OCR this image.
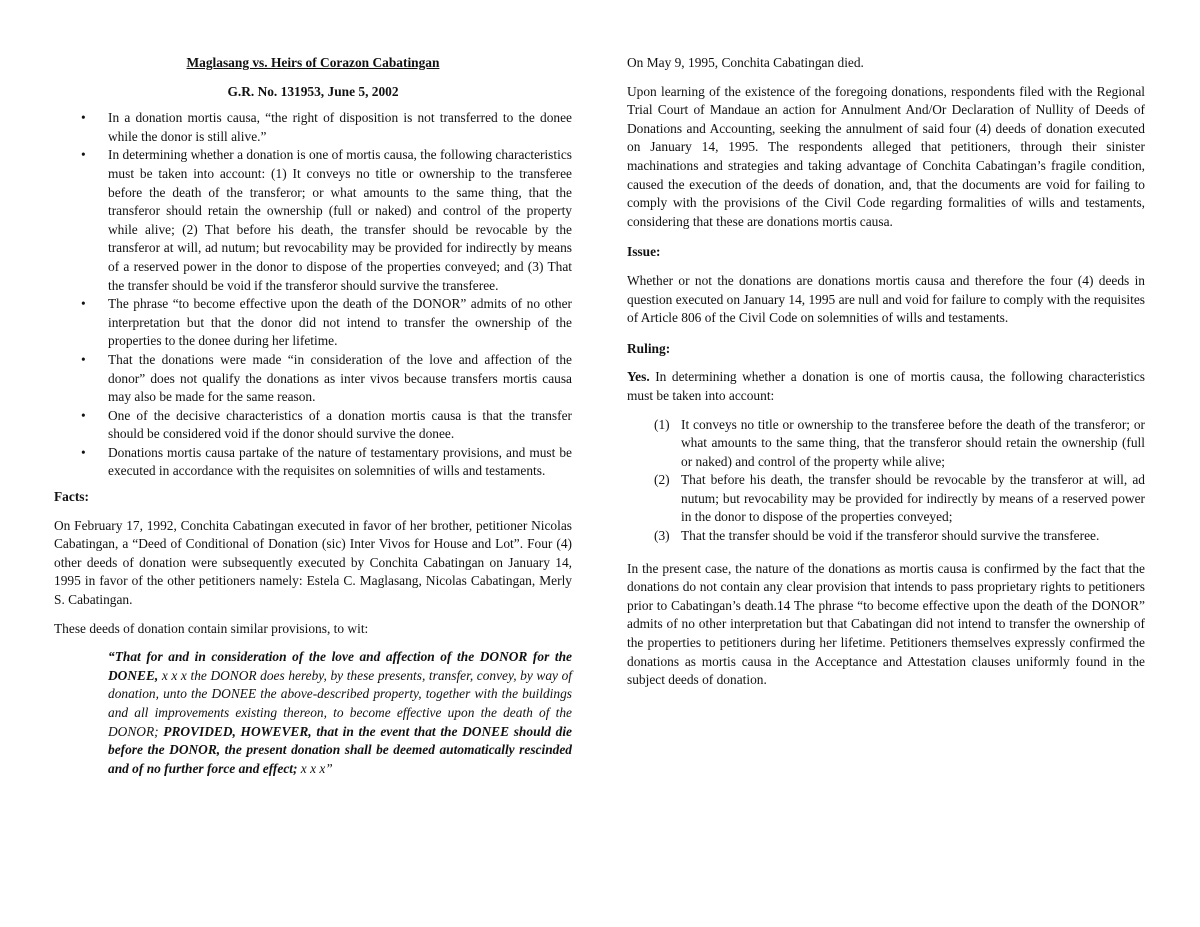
Maglasang vs. Heirs of Corazon Cabatingan

G.R. No. 131953, June 5, 2002

• In a donation mortis causa, “the right of disposition is not transferred to the donee while the donor is still alive.”
• In determining whether a donation is one of mortis causa, the following characteristics must be taken into account: (1) It conveys no title or ownership to the transferee before the death of the transferor; or what amounts to the same thing, that the transferor should retain the ownership (full or naked) and control of the property while alive; (2) That before his death, the transfer should be revocable by the transferor at will, ad nutum; but revocability may be provided for indirectly by means of a reserved power in the donor to dispose of the properties conveyed; and (3) That the transfer should be void if the transferor should survive the transferee.
• The phrase “to become effective upon the death of the DONOR” admits of no other interpretation but that the donor did not intend to transfer the ownership of the properties to the donee during her lifetime.
• That the donations were made “in consideration of the love and affection of the donor” does not qualify the donations as inter vivos because transfers mortis causa may also be made for the same reason.
• One of the decisive characteristics of a donation mortis causa is that the transfer should be considered void if the donor should survive the donee.
• Donations mortis causa partake of the nature of testamentary provisions, and must be executed in accordance with the requisites on solemnities of wills and testaments.

Facts:

On February 17, 1992, Conchita Cabatingan executed in favor of her brother, petitioner Nicolas Cabatingan, a “Deed of Conditional of Donation (sic) Inter Vivos for House and Lot”. Four (4) other deeds of donation were subsequently executed by Conchita Cabatingan on January 14, 1995 in favor of the other petitioners namely: Estela C. Maglasang, Nicolas Cabatingan, Merly S. Cabatingan.

These deeds of donation contain similar provisions, to wit:

“That for and in consideration of the love and affection of the DONOR for the DONEE, x x x the DONOR does hereby, by these presents, transfer, convey, by way of donation, unto the DONEE the above-described property, together with the buildings and all improvements existing thereon, to become effective upon the death of the DONOR; PROVIDED, HOWEVER, that in the event that the DONEE should die before the DONOR, the present donation shall be deemed automatically rescinded and of no further force and effect; x x x”

On May 9, 1995, Conchita Cabatingan died.

Upon learning of the existence of the foregoing donations, respondents filed with the Regional Trial Court of Mandaue an action for Annulment And/Or Declaration of Nullity of Deeds of Donations and Accounting, seeking the annulment of said four (4) deeds of donation executed on January 14, 1995. The respondents alleged that petitioners, through their sinister machinations and strategies and taking advantage of Conchita Cabatingan’s fragile condition, caused the execution of the deeds of donation, and, that the documents are void for failing to comply with the provisions of the Civil Code regarding formalities of wills and testaments, considering that these are donations mortis causa.

Issue:

Whether or not the donations are donations mortis causa and therefore the four (4) deeds in question executed on January 14, 1995 are null and void for failure to comply with the requisites of Article 806 of the Civil Code on solemnities of wills and testaments.

Ruling:

Yes. In determining whether a donation is one of mortis causa, the following characteristics must be taken into account:

(1) It conveys no title or ownership to the transferee before the death of the transferor; or what amounts to the same thing, that the transferor should retain the ownership (full or naked) and control of the property while alive;
(2) That before his death, the transfer should be revocable by the transferor at will, ad nutum; but revocability may be provided for indirectly by means of a reserved power in the donor to dispose of the properties conveyed;
(3) That the transfer should be void if the transferor should survive the transferee.

In the present case, the nature of the donations as mortis causa is confirmed by the fact that the donations do not contain any clear provision that intends to pass proprietary rights to petitioners prior to Cabatingan’s death.14 The phrase “to become effective upon the death of the DONOR” admits of no other interpretation but that Cabatingan did not intend to transfer the ownership of the properties to petitioners during her lifetime. Petitioners themselves expressly confirmed the donations as mortis causa in the Acceptance and Attestation clauses uniformly found in the subject deeds of donation.
